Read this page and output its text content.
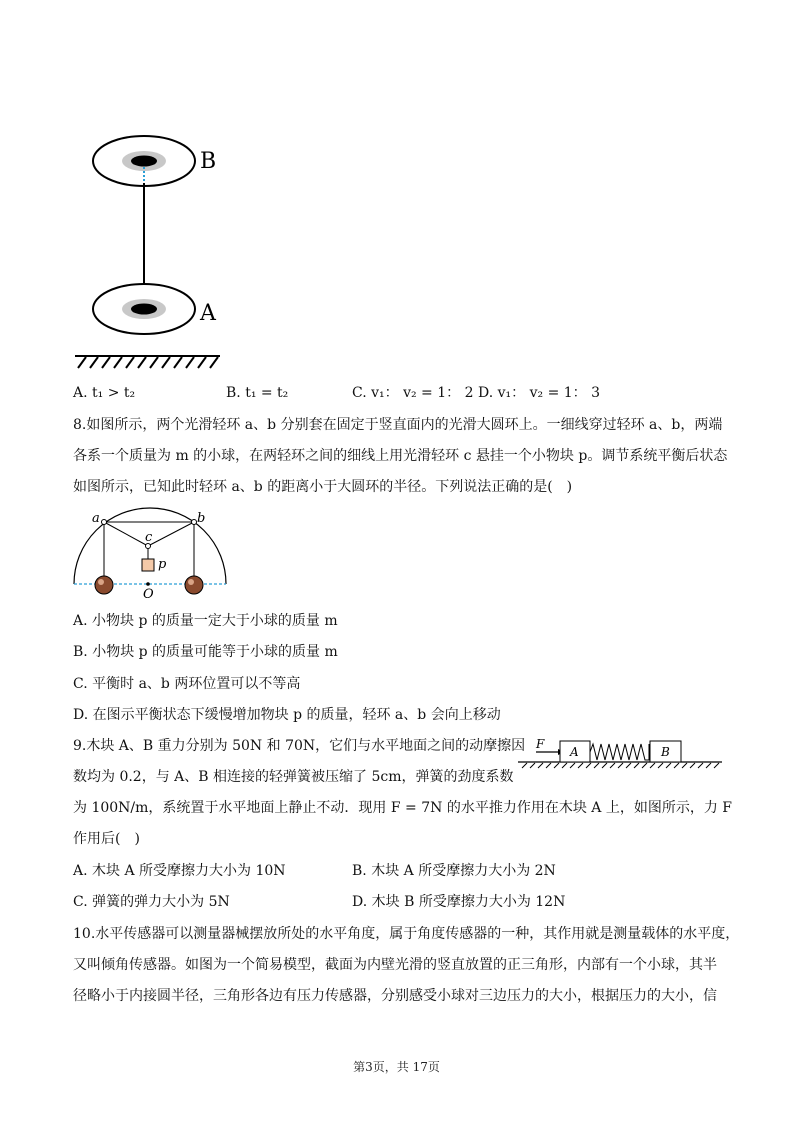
B
A
A. t₁ > t₂	B. t₁ = t₂	C. v₁： v₂ = 1： 2 D. v₁： v₂ = 1： 3
8.如图所示，两个光滑轻环 a、b 分别套在固定于竖直面内的光滑大圆环上。一细线穿过轻环 a、b，两端
各系一个质量为 m 的小球，在两轻环之间的细线上用光滑轻环 c 悬挂一个小物块 p。调节系统平衡后状态
如图所示，已知此时轻环 a、b 的距离小于大圆环的半径。下列说法正确的是(　)
a	b
c
p
O
A. 小物块 p 的质量一定大于小球的质量 m
B. 小物块 p 的质量可能等于小球的质量 m
C. 平衡时 a、b 两环位置可以不等高
D. 在图示平衡状态下缓慢增加物块 p 的质量，轻环 a、b 会向上移动
9.木块 A、B 重力分别为 50N 和 70N，它们与水平地面之间的动摩擦因
数均为 0.2，与 A、B 相连接的轻弹簧被压缩了 5cm，弹簧的劲度系数
为 100N/m，系统置于水平地面上静止不动．现用 F = 7N 的水平推力作用在木块 A 上，如图所示，力 F
作用后(　)
F
A	B
A. 木块 A 所受摩擦力大小为 10N	B. 木块 A 所受摩擦力大小为 2N
C. 弹簧的弹力大小为 5N	D. 木块 B 所受摩擦力大小为 12N
10.水平传感器可以测量器械摆放所处的水平角度，属于角度传感器的一种，其作用就是测量载体的水平度，
又叫倾角传感器。如图为一个简易模型，截面为内壁光滑的竖直放置的正三角形，内部有一个小球，其半
径略小于内接圆半径，三角形各边有压力传感器，分别感受小球对三边压力的大小，根据压力的大小，信
第3页，共 17页
